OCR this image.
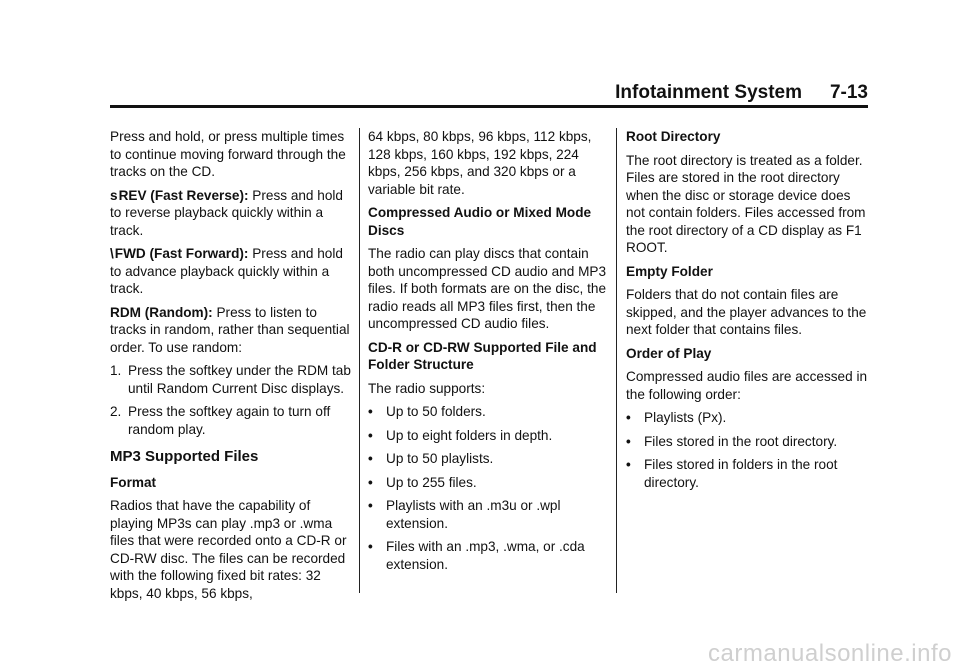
Infotainment System 7-13

Press and hold, or press multiple times to continue moving forward through the tracks on the CD.

s REV (Fast Reverse): Press and hold to reverse playback quickly within a track.

\ FWD (Fast Forward): Press and hold to advance playback quickly within a track.

RDM (Random): Press to listen to tracks in random, rather than sequential order. To use random:

1. Press the softkey under the RDM tab until Random Current Disc displays.
2. Press the softkey again to turn off random play.
MP3 Supported Files
Format

Radios that have the capability of playing MP3s can play .mp3 or .wma files that were recorded onto a CD-R or CD-RW disc. The files can be recorded with the following fixed bit rates: 32 kbps, 40 kbps, 56 kbps,

64 kbps, 80 kbps, 96 kbps, 112 kbps, 128 kbps, 160 kbps, 192 kbps, 224 kbps, 256 kbps, and 320 kbps or a variable bit rate.

Compressed Audio or Mixed Mode Discs

The radio can play discs that contain both uncompressed CD audio and MP3 files. If both formats are on the disc, the radio reads all MP3 files first, then the uncompressed CD audio files.

CD-R or CD-RW Supported File and Folder Structure

The radio supports:

• Up to 50 folders.
• Up to eight folders in depth.
• Up to 50 playlists.
• Up to 255 files.
• Playlists with an .m3u or .wpl extension.
• Files with an .mp3, .wma, or .cda extension.
Root Directory

The root directory is treated as a folder. Files are stored in the root directory when the disc or storage device does not contain folders. Files accessed from the root directory of a CD display as F1 ROOT.

Empty Folder

Folders that do not contain files are skipped, and the player advances to the next folder that contains files.

Order of Play

Compressed audio files are accessed in the following order:

• Playlists (Px).
• Files stored in the root directory.
• Files stored in folders in the root directory.
carmanualsonline.info
